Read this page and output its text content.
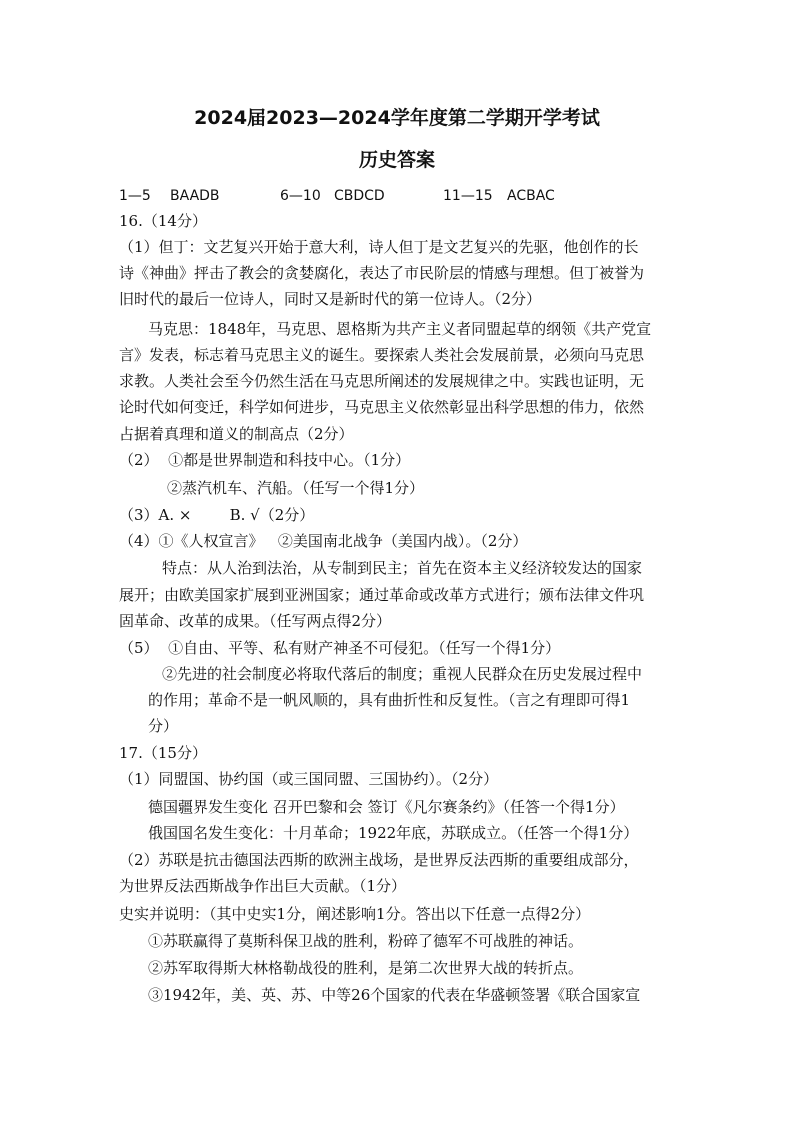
2024届2023—2024学年度第二学期开学考试
历史答案
1—5 BAADB	6—10 CBDCD	11—15 ACBAC
16.（14分）
（1）但丁：文艺复兴开始于意大利，诗人但丁是文艺复兴的先驱，他创作的长
诗《神曲》抨击了教会的贪婪腐化，表达了市民阶层的情感与理想。但丁被誉为
旧时代的最后一位诗人，同时又是新时代的第一位诗人。（2分）
马克思：1848年，马克思、恩格斯为共产主义者同盟起草的纲领《共产党宣
言》发表，标志着马克思主义的诞生。要探索人类社会发展前景，必须向马克思
求教。人类社会至今仍然生活在马克思所阐述的发展规律之中。实践也证明，无
论时代如何变迁，科学如何进步，马克思主义依然彰显出科学思想的伟力，依然
占据着真理和道义的制高点（2分）
（2）  ①都是世界制造和科技中心。（1分）
②蒸汽机车、汽船。（任写一个得1分）
（3）A. ×        B. √（2分）
（4）①《人权宣言》   ②美国南北战争（美国内战）。（2分）
特点：从人治到法治，从专制到民主；首先在资本主义经济较发达的国家
展开；由欧美国家扩展到亚洲国家；通过革命或改革方式进行；颁布法律文件巩
固革命、改革的成果。（任写两点得2分）
（5）  ①自由、平等、私有财产神圣不可侵犯。（任写一个得1分）
②先进的社会制度必将取代落后的制度；重视人民群众在历史发展过程中
的作用；革命不是一帆风顺的，具有曲折性和反复性。（言之有理即可得1
分）
17.（15分）
（1）同盟国、协约国（或三国同盟、三国协约）。（2分）
德国疆界发生变化 召开巴黎和会 签订《凡尔赛条约》（任答一个得1分）
俄国国名发生变化：十月革命；1922年底，苏联成立。（任答一个得1分）
（2）苏联是抗击德国法西斯的欧洲主战场，是世界反法西斯的重要组成部分，
为世界反法西斯战争作出巨大贡献。（1分）
史实并说明：（其中史实1分，阐述影响1分。答出以下任意一点得2分）
①苏联赢得了莫斯科保卫战的胜利，粉碎了德军不可战胜的神话。
②苏军取得斯大林格勒战役的胜利，是第二次世界大战的转折点。
③1942年，美、英、苏、中等26个国家的代表在华盛顿签署《联合国家宣
